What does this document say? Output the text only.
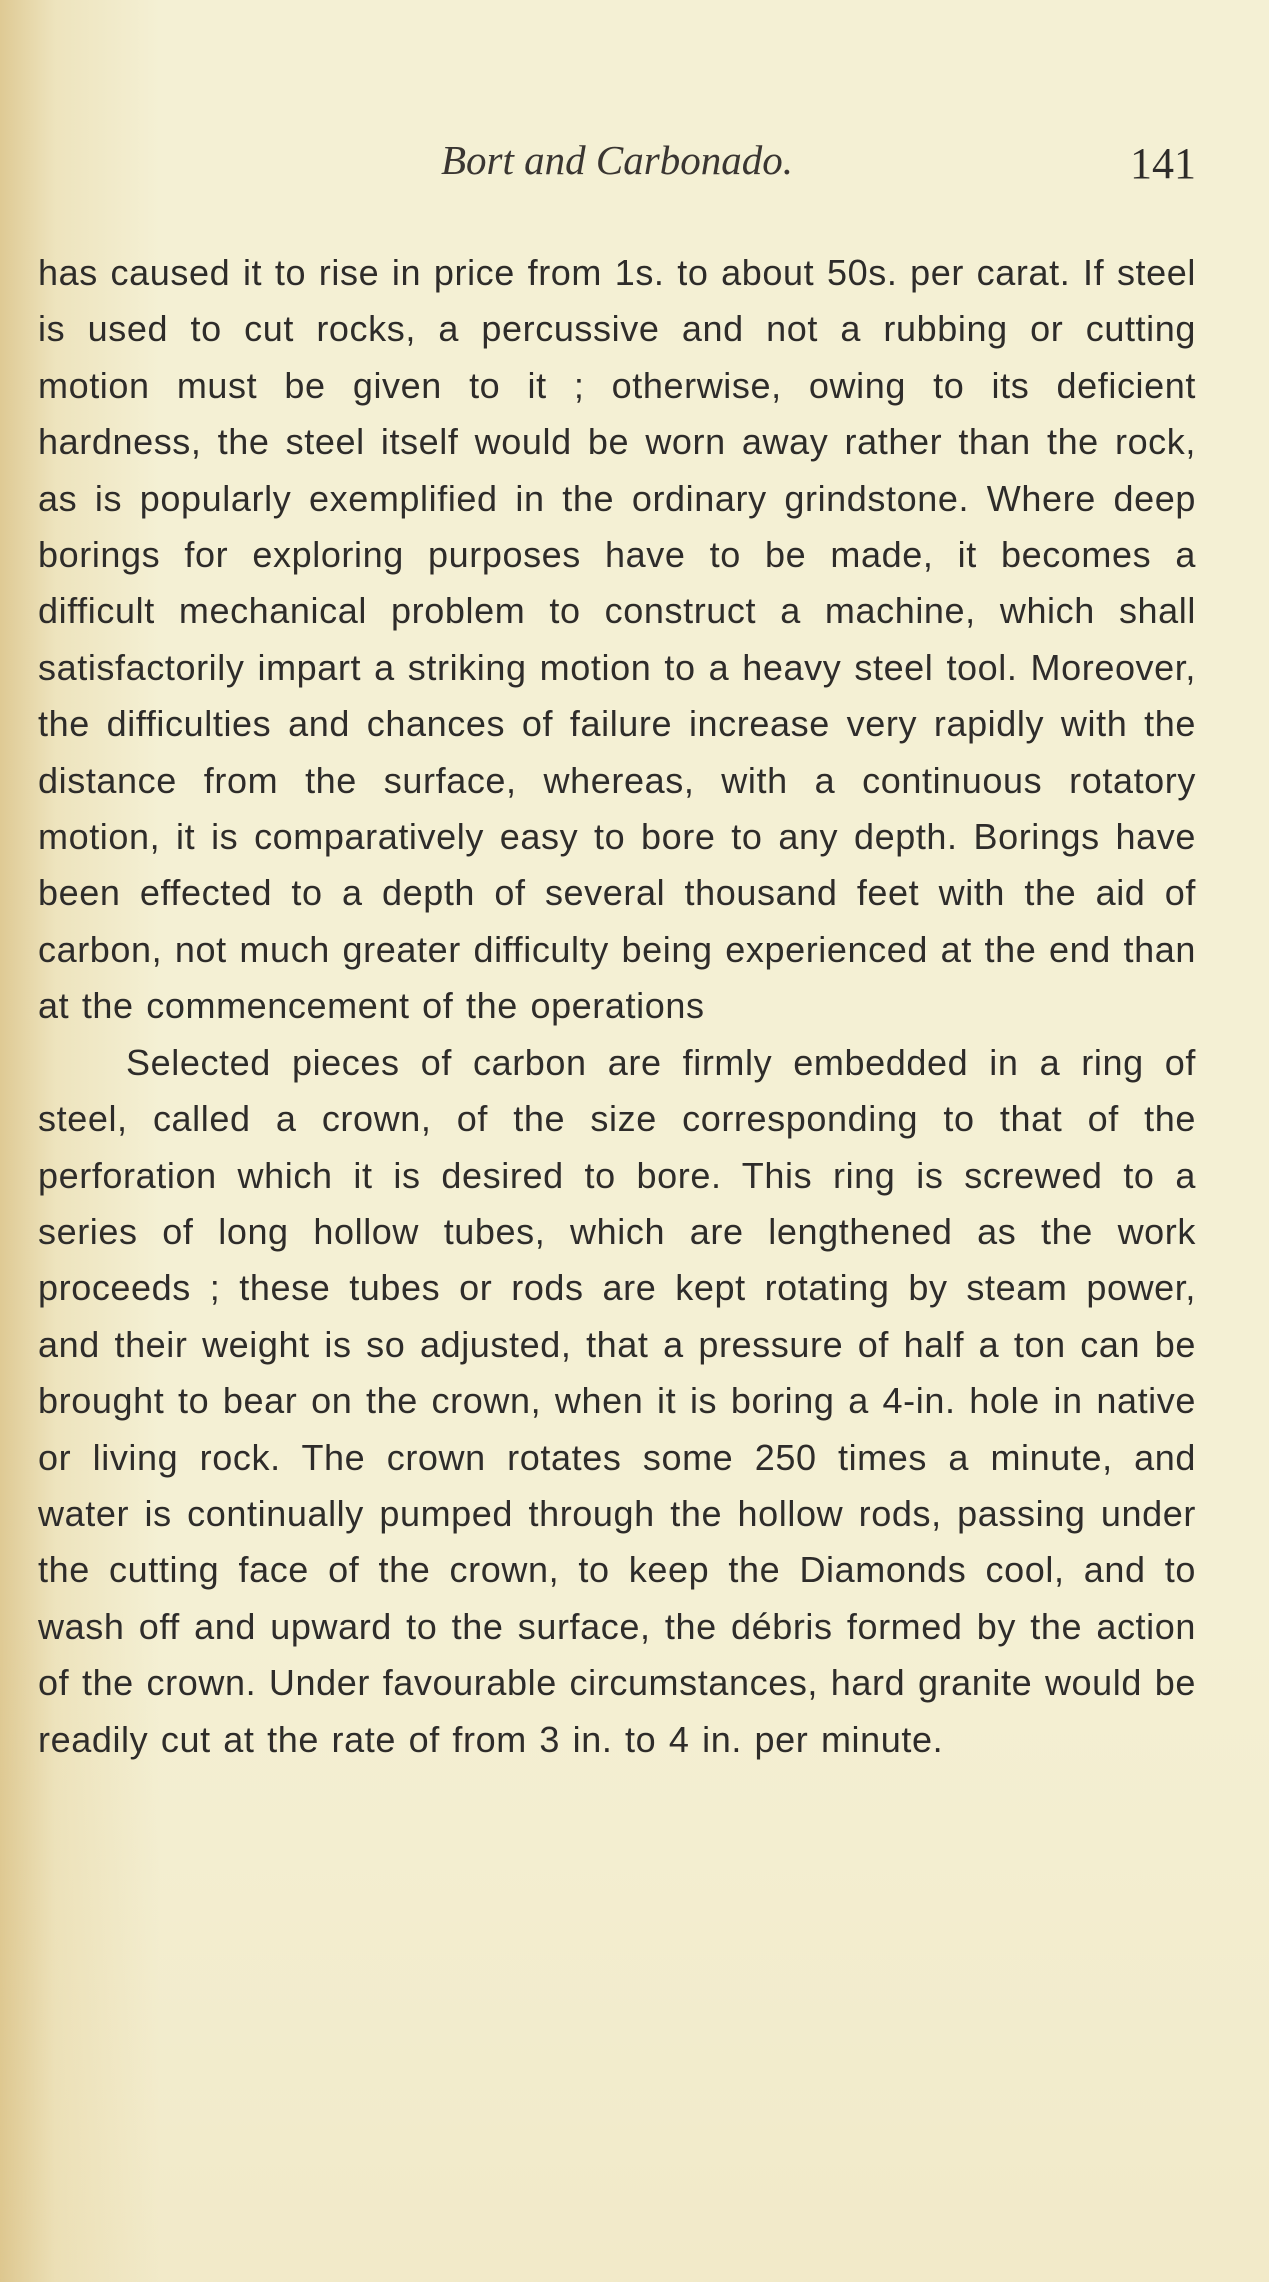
Bort and Carbonado.	141

has caused it to rise in price from 1s. to about 50s. per carat. If steel is used to cut rocks, a percussive and not a rubbing or cutting motion must be given to it ; otherwise, owing to its deficient hardness, the steel itself would be worn away rather than the rock, as is popularly exemplified in the ordinary grindstone. Where deep borings for exploring purposes have to be made, it becomes a difficult mechanical problem to construct a machine, which shall satisfactorily impart a striking motion to a heavy steel tool. Moreover, the difficulties and chances of failure increase very rapidly with the distance from the surface, whereas, with a continuous rotatory motion, it is comparatively easy to bore to any depth. Borings have been effected to a depth of several thousand feet with the aid of carbon, not much greater difficulty being experienced at the end than at the commencement of the operations

Selected pieces of carbon are firmly embedded in a ring of steel, called a crown, of the size corresponding to that of the perforation which it is desired to bore. This ring is screwed to a series of long hollow tubes, which are lengthened as the work proceeds ; these tubes or rods are kept rotating by steam power, and their weight is so adjusted, that a pressure of half a ton can be brought to bear on the crown, when it is boring a 4-in. hole in native or living rock. The crown rotates some 250 times a minute, and water is continually pumped through the hollow rods, passing under the cutting face of the crown, to keep the Diamonds cool, and to wash off and upward to the surface, the débris formed by the action of the crown. Under favourable circumstances, hard granite would be readily cut at the rate of from 3 in. to 4 in. per minute.
